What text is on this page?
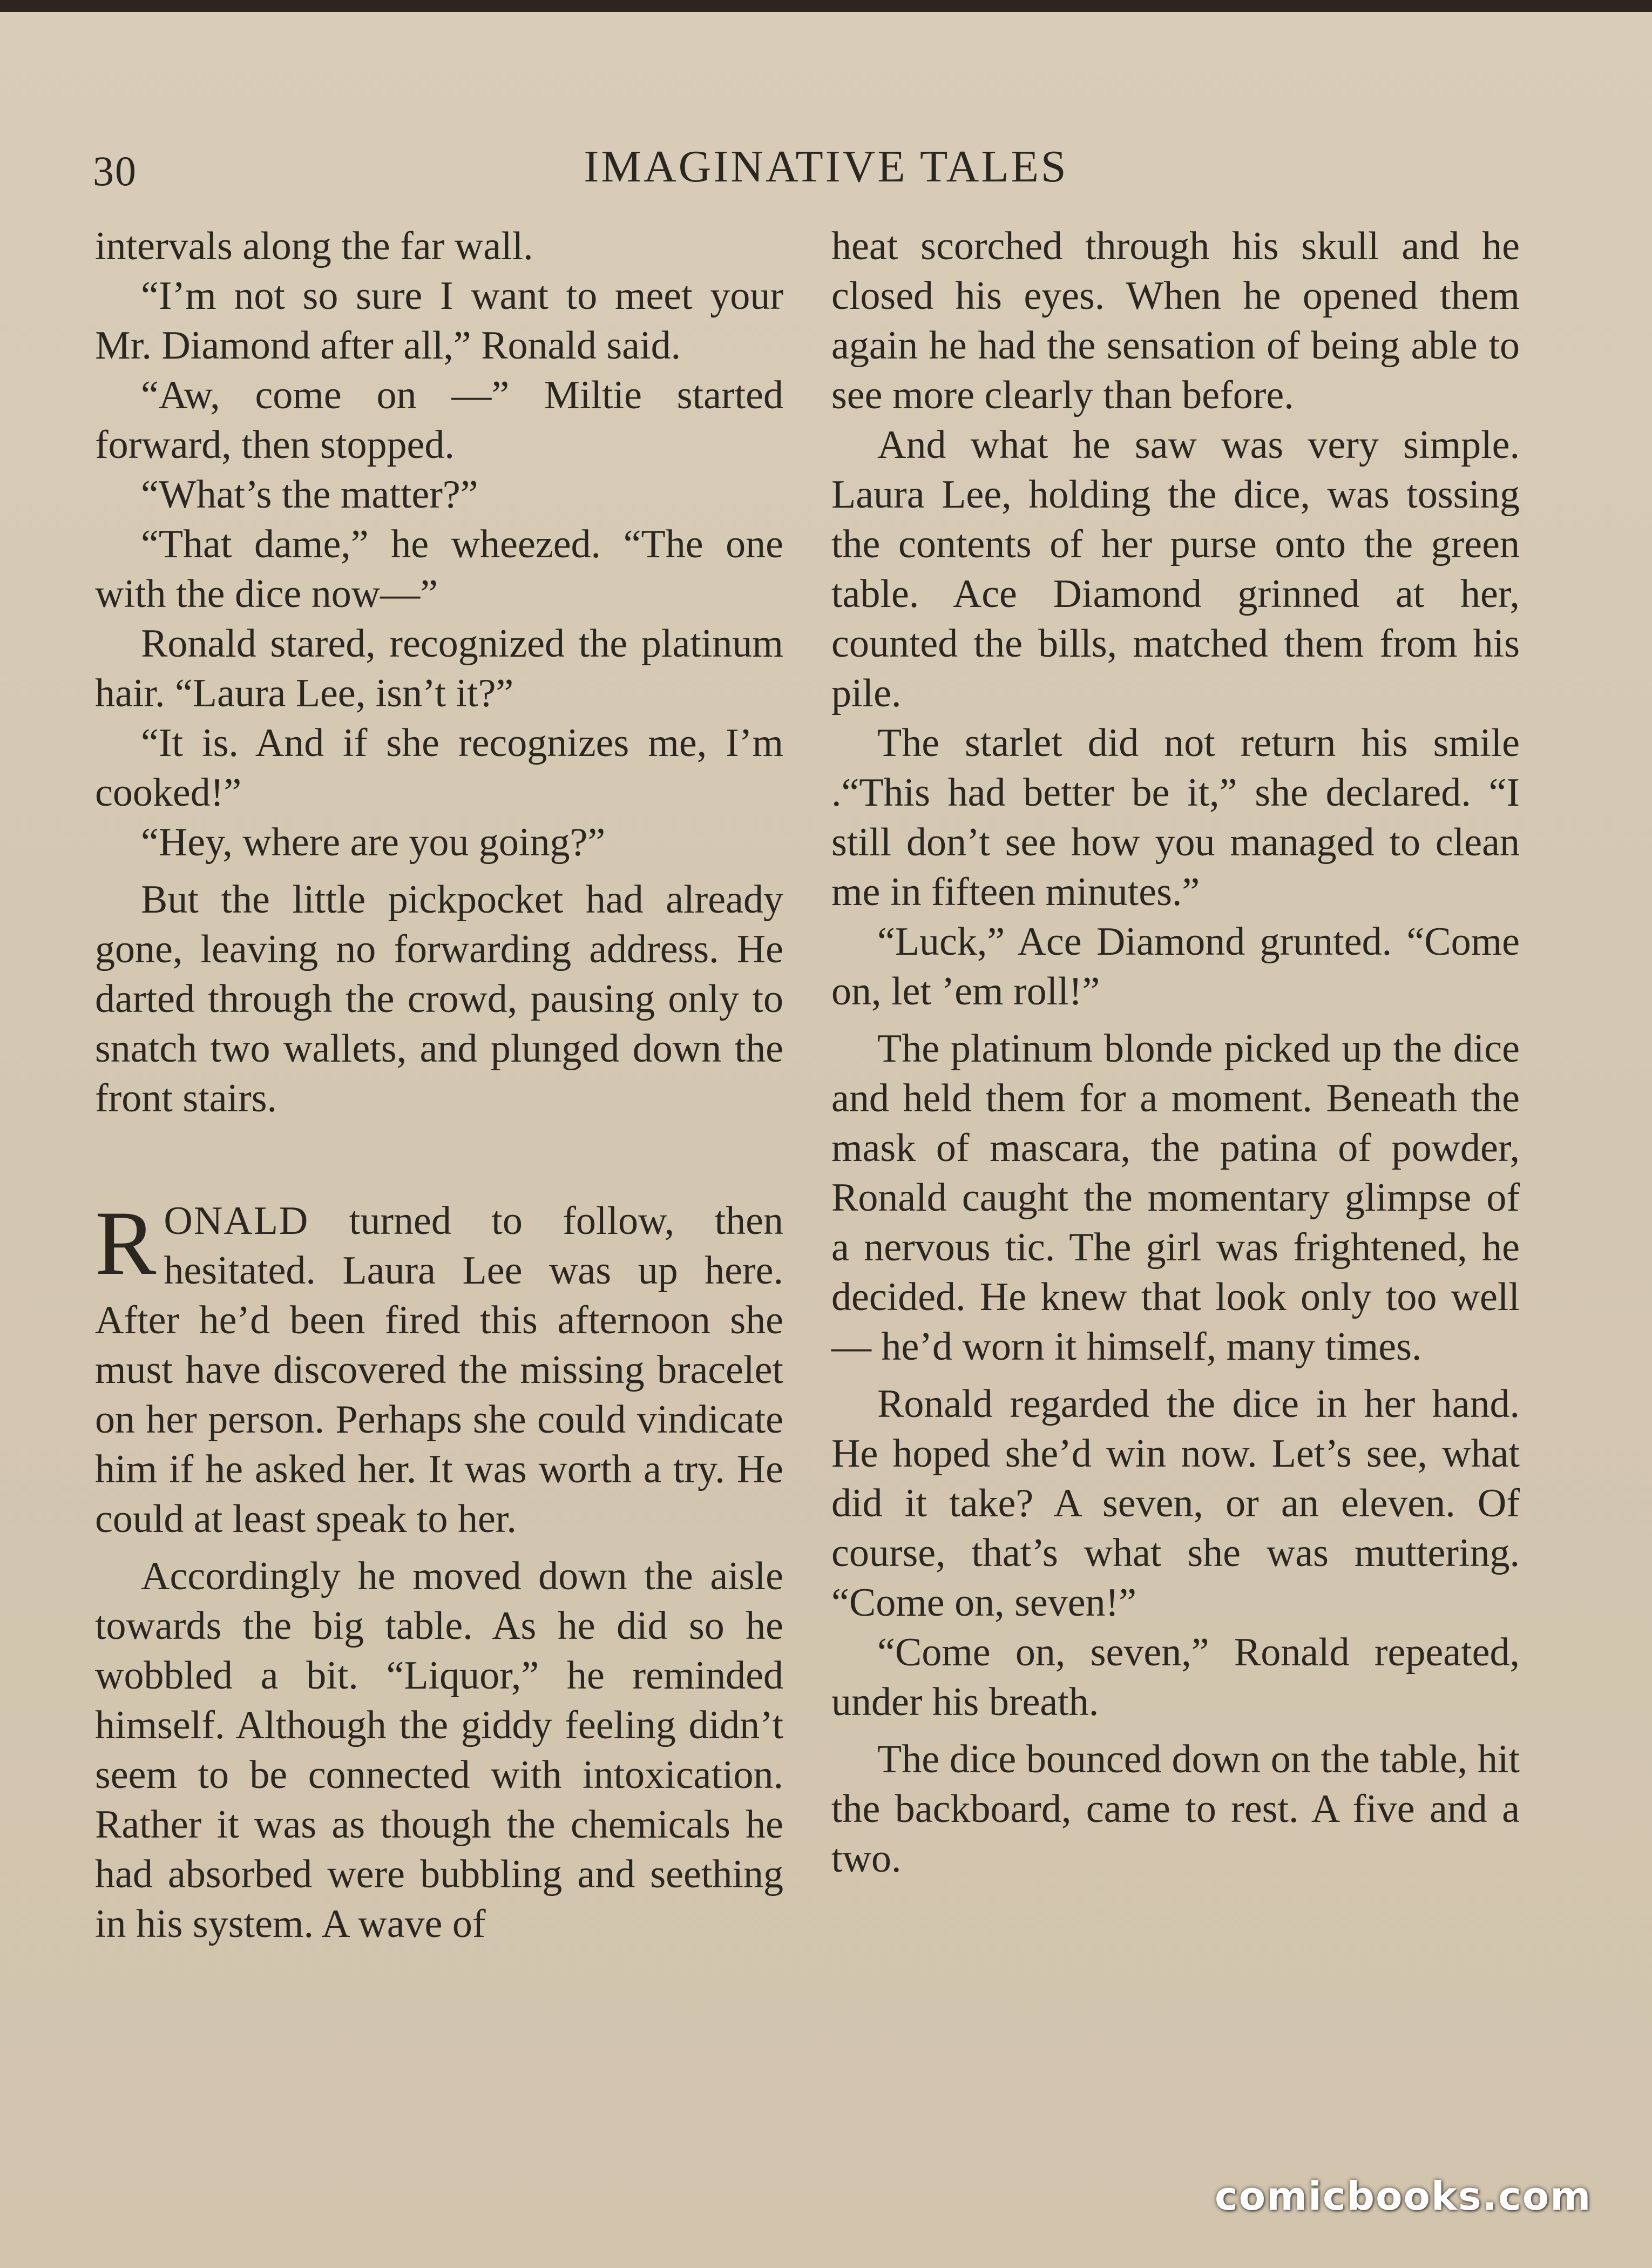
30	IMAGINATIVE TALES

intervals along the far wall.

“I’m not so sure I want to meet your Mr. Diamond after all,” Ronald said.

“Aw, come on —” Miltie started forward, then stopped.

“What’s the matter?”

“That dame,” he wheezed. “The one with the dice now—”

Ronald stared, recognized the platinum hair. “Laura Lee, isn’t it?”

“It is. And if she recognizes me, I’m cooked!”

“Hey, where are you going?”

But the little pickpocket had already gone, leaving no forwarding address. He darted through the crowd, pausing only to snatch two wallets, and plunged down the front stairs.

RONALD turned to follow, then hesitated. Laura Lee was up here. After he’d been fired this afternoon she must have discovered the missing bracelet on her person. Perhaps she could vindicate him if he asked her. It was worth a try. He could at least speak to her.

Accordingly he moved down the aisle towards the big table. As he did so he wobbled a bit. “Liquor,” he reminded himself. Although the giddy feeling didn’t seem to be connected with intoxication. Rather it was as though the chemicals he had absorbed were bubbling and seething in his system. A wave of

heat scorched through his skull and he closed his eyes. When he opened them again he had the sensation of being able to see more clearly than before.

And what he saw was very simple. Laura Lee, holding the dice, was tossing the contents of her purse onto the green table. Ace Diamond grinned at her, counted the bills, matched them from his pile.

The starlet did not return his smile .“This had better be it,” she declared. “I still don’t see how you managed to clean me in fifteen minutes.”

“Luck,” Ace Diamond grunted. “Come on, let ’em roll!”

The platinum blonde picked up the dice and held them for a moment. Beneath the mask of mascara, the patina of powder, Ronald caught the momentary glimpse of a nervous tic. The girl was frightened, he decided. He knew that look only too well — he’d worn it himself, many times.

Ronald regarded the dice in her hand. He hoped she’d win now. Let’s see, what did it take? A seven, or an eleven. Of course, that’s what she was muttering. “Come on, seven!”

“Come on, seven,” Ronald repeated, under his breath.

The dice bounced down on the table, hit the backboard, came to rest. A five and a two.

comicbooks.com
